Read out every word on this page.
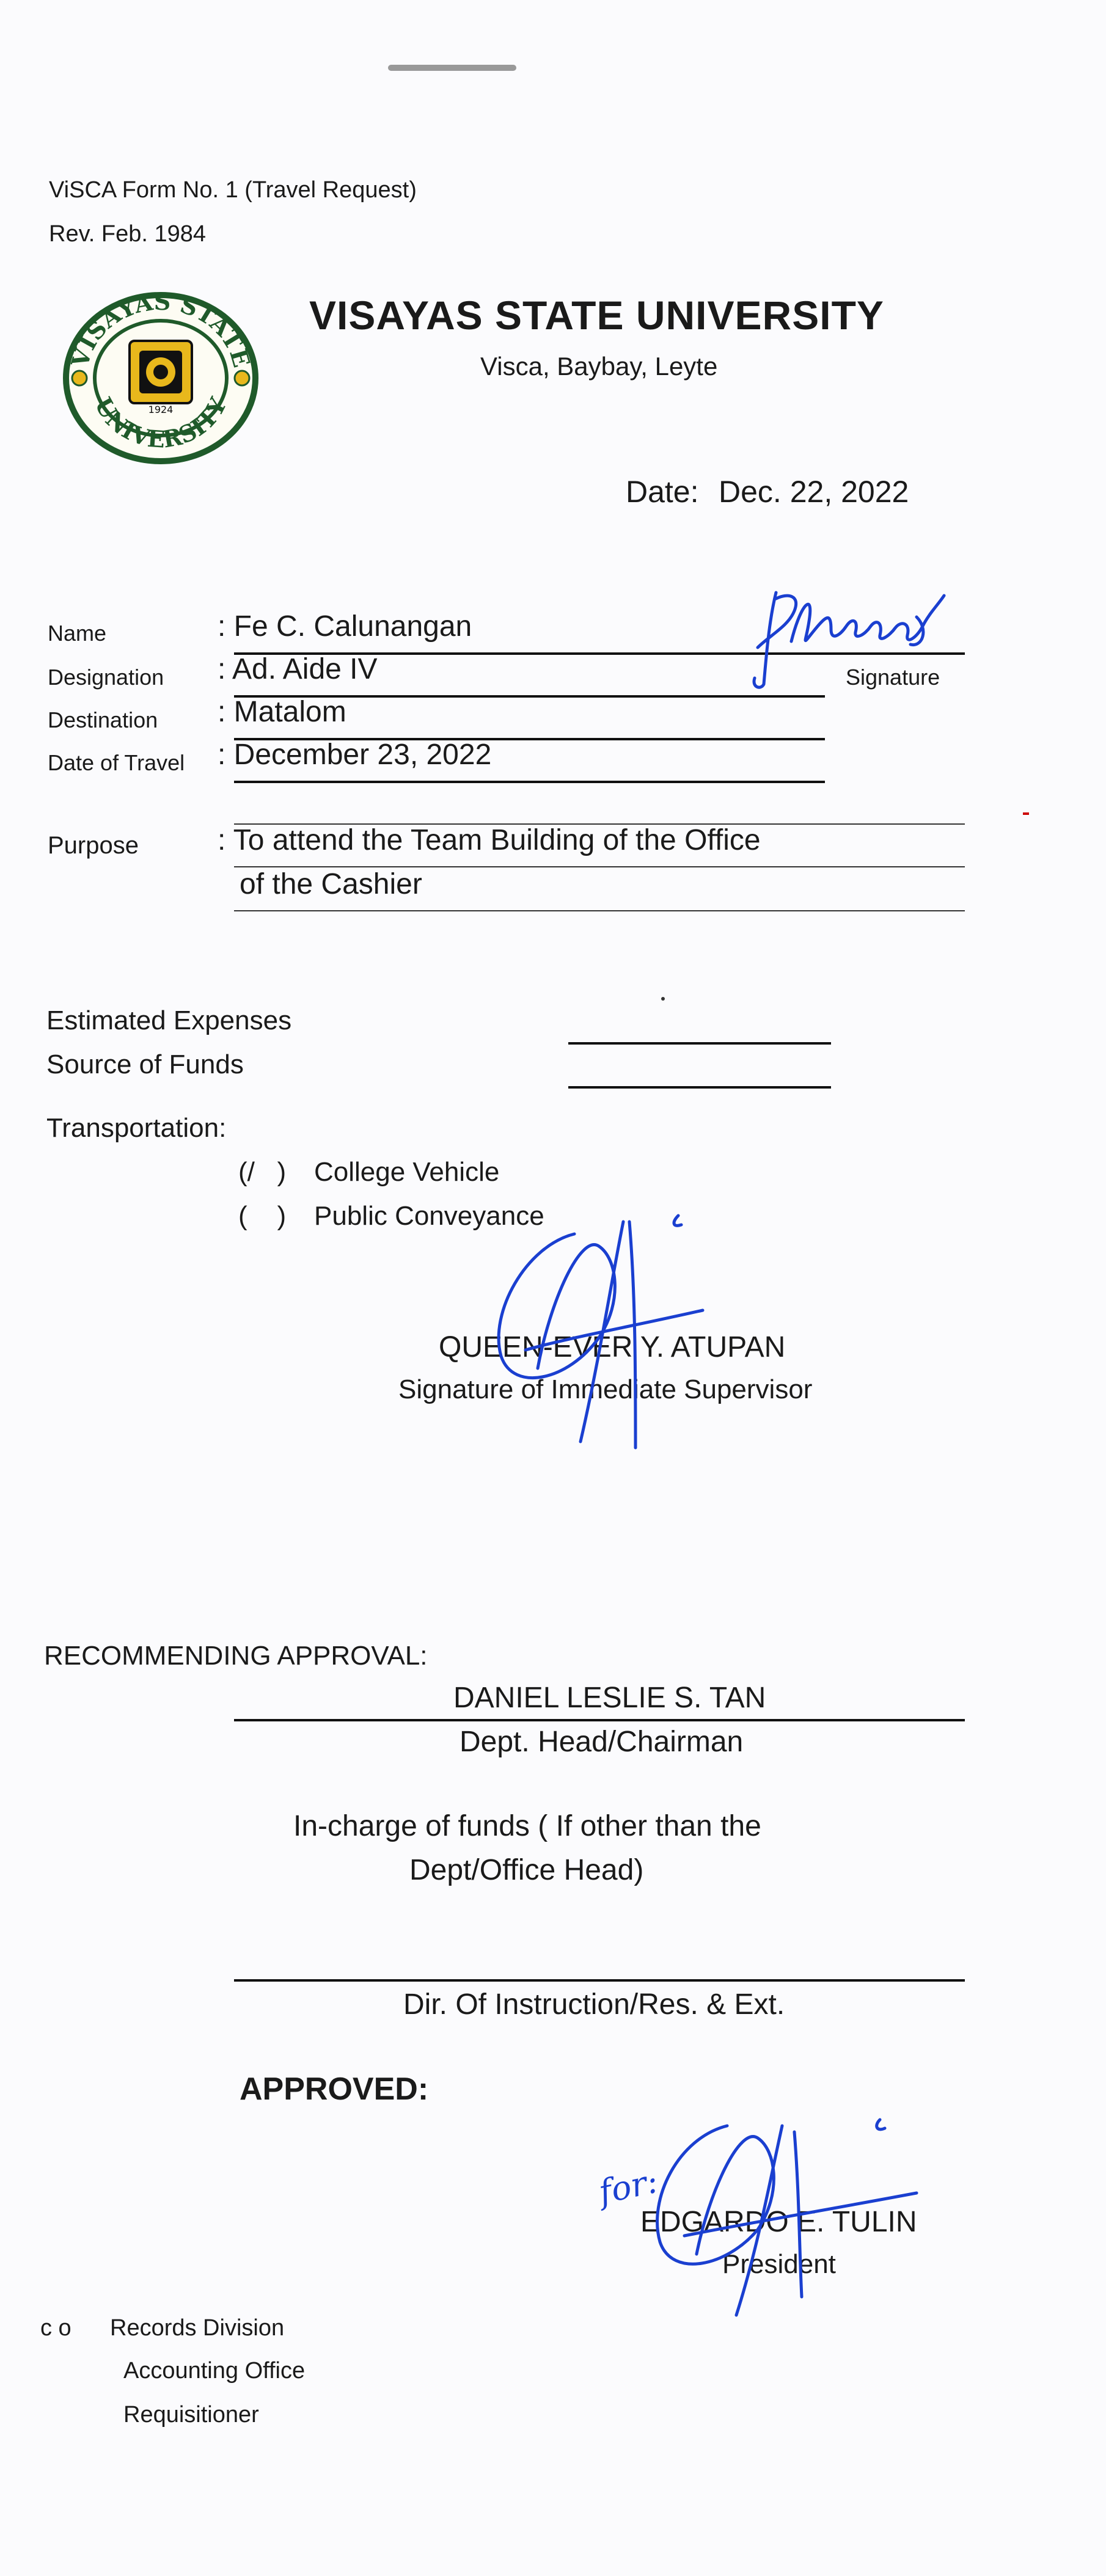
ViSCA Form No. 1 (Travel Request)
Rev. Feb. 1984
VISAYAS STATE
UNIVERSITY
1924
VISAYAS STATE UNIVERSITY
Visca, Baybay, Leyte
Date: Dec. 22, 2022
Name	: Fe C. Calunangan
Signature
Designation : Ad. Aide IV
Destination : Matalom
Date of Travel : December 23, 2022
Purpose	: To attend the Team Building of the Office
of the Cashier
Estimated Expenses
Source of Funds
Transportation:
(/   ) College Vehicle
(    ) Public Conveyance
QUEEN-EVER Y. ATUPAN
Signature of Immediate Supervisor
RECOMMENDING APPROVAL:
DANIEL LESLIE S. TAN
Dept. Head/Chairman
In-charge of funds ( If other than the
Dept/Office Head)
Dir. Of Instruction/Res. & Ext.
APPROVED:
for:
EDGARDO E. TULIN
President
c o Records Division
Accounting Office
Requisitioner
